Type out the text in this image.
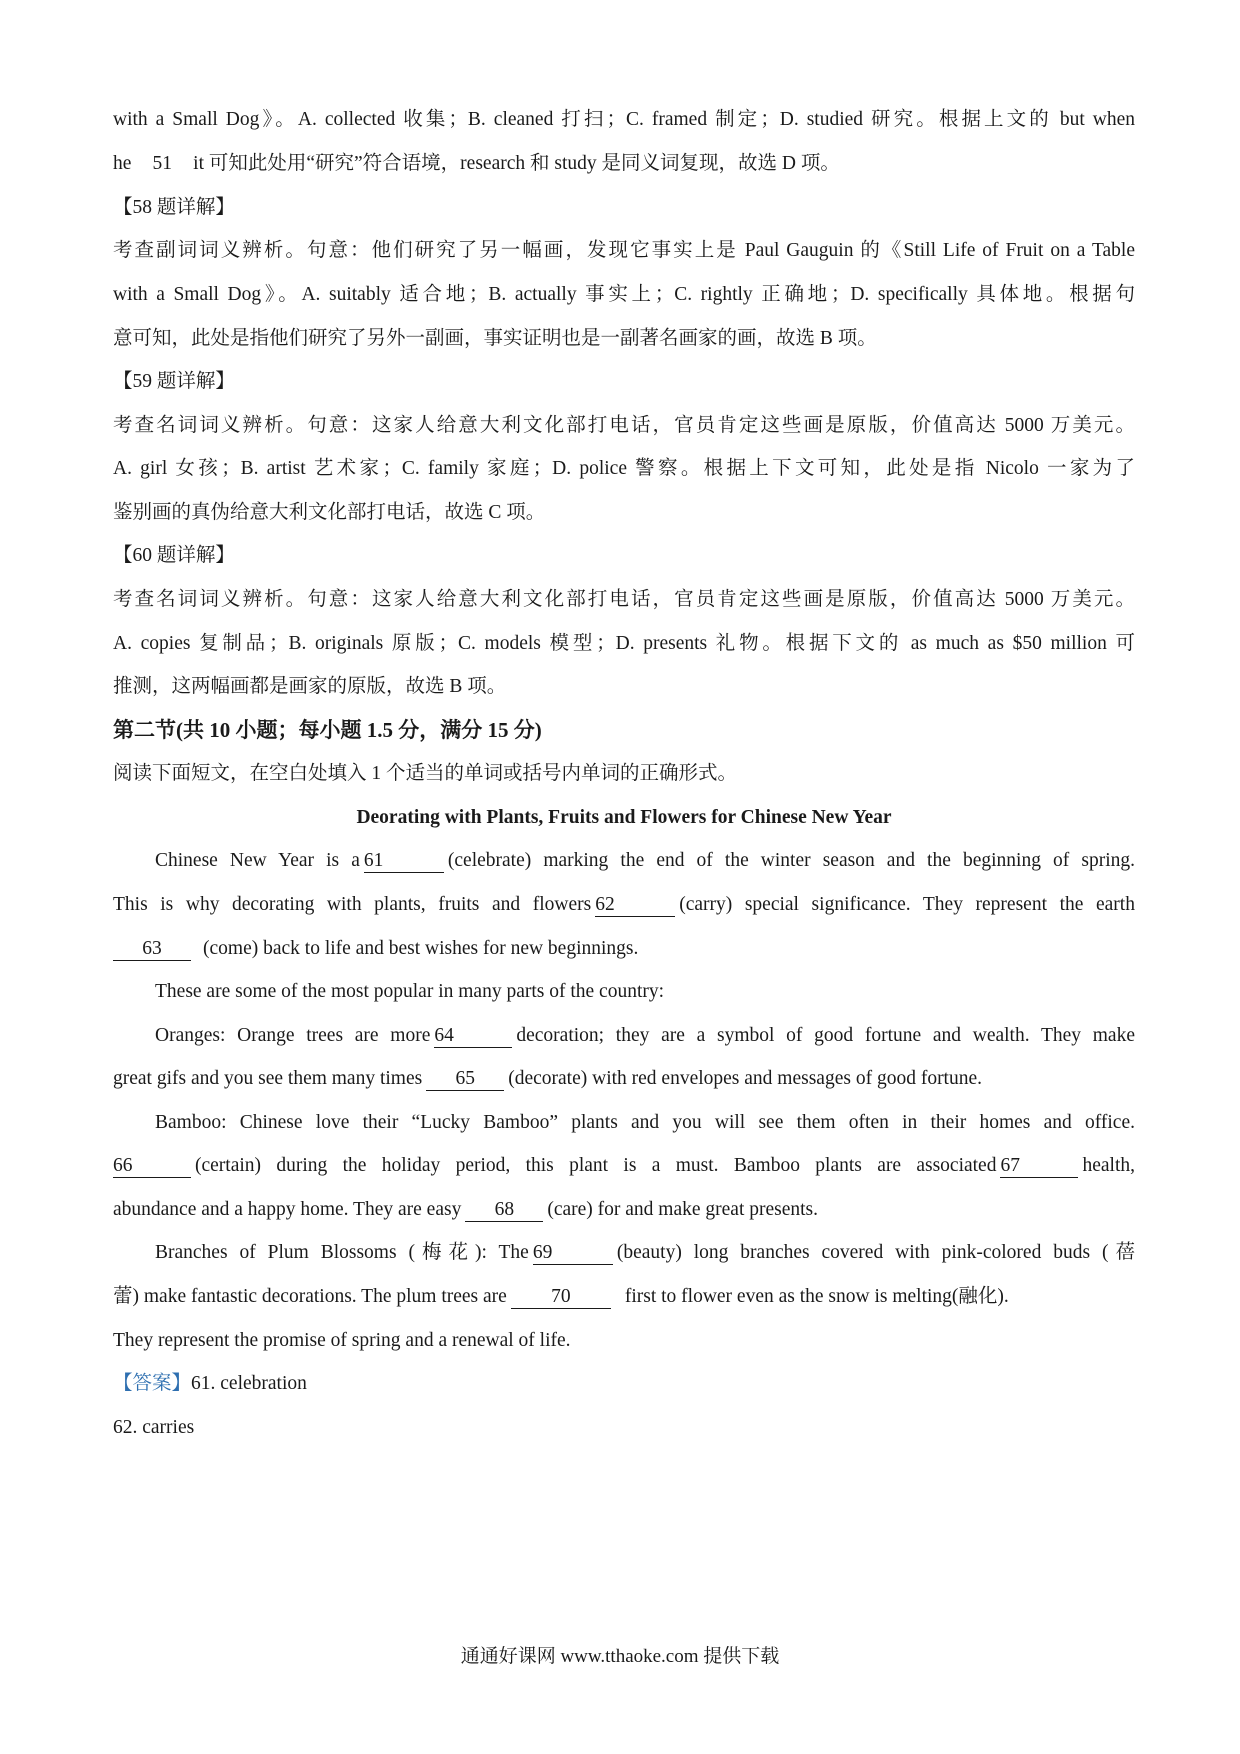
with a Small Dog》。A. collected 收集；B. cleaned 打扫；C. framed 制定；D. studied 研究。根据上文的 but when
he 51 it 可知此处用“研究”符合语境，research 和 study 是同义词复现，故选 D 项。
【58 题详解】
考查副词词义辨析。句意：他们研究了另一幅画，发现它事实上是 Paul Gauguin 的《Still Life of Fruit on a Table
with a Small Dog》。A. suitably 适合地；B. actually 事实上；C. rightly 正确地；D. specifically 具体地。根据句
意可知，此处是指他们研究了另外一副画，事实证明也是一副著名画家的画，故选 B 项。
【59 题详解】
考查名词词义辨析。句意：这家人给意大利文化部打电话，官员肯定这些画是原版，价值高达 5000 万美元。
A. girl 女孩；B. artist 艺术家；C. family 家庭；D. police 警察。根据上下文可知，此处是指 Nicolo 一家为了
鉴别画的真伪给意大利文化部打电话，故选 C 项。
【60 题详解】
考查名词词义辨析。句意：这家人给意大利文化部打电话，官员肯定这些画是原版，价值高达 5000 万美元。
A. copies 复制品；B. originals 原版；C. models 模型；D. presents 礼物。根据下文的 as much as $50 million 可
推测，这两幅画都是画家的原版，故选 B 项。
第二节(共 10 小题；每小题 1.5 分，满分 15 分)
阅读下面短文，在空白处填入 1 个适当的单词或括号内单词的正确形式。
Deorating with Plants, Fruits and Flowers for Chinese New Year
Chinese New Year is a 61	(celebrate) marking the end of the winter season and the beginning of spring.
This is why decorating with plants, fruits and flowers 62	(carry) special significance. They represent the earth
63 (come) back to life and best wishes for new beginnings.
These are some of the most popular in many parts of the country:
Oranges: Orange trees are more 64	decoration; they are a symbol of good fortune and wealth. They make
great gifs and you see them many times 65 (decorate) with red envelopes and messages of good fortune.
Bamboo: Chinese love their “Lucky Bamboo” plants and you will see them often in their homes and office.
66	(certain) during the holiday period, this plant is a must. Bamboo plants are associated 67	health,
abundance and a happy home. They are easy 68 (care) for and make great presents.
Branches of Plum Blossoms (梅花): The 69	(beauty) long branches covered with pink-colored buds (蓓
蕾) make fantastic decorations. The plum trees are 70	first to flower even as the snow is melting(融化).
They represent the promise of spring and a renewal of life.
【答案】61. celebration
62. carries
通通好课网 www.tthaoke.com 提供下载
